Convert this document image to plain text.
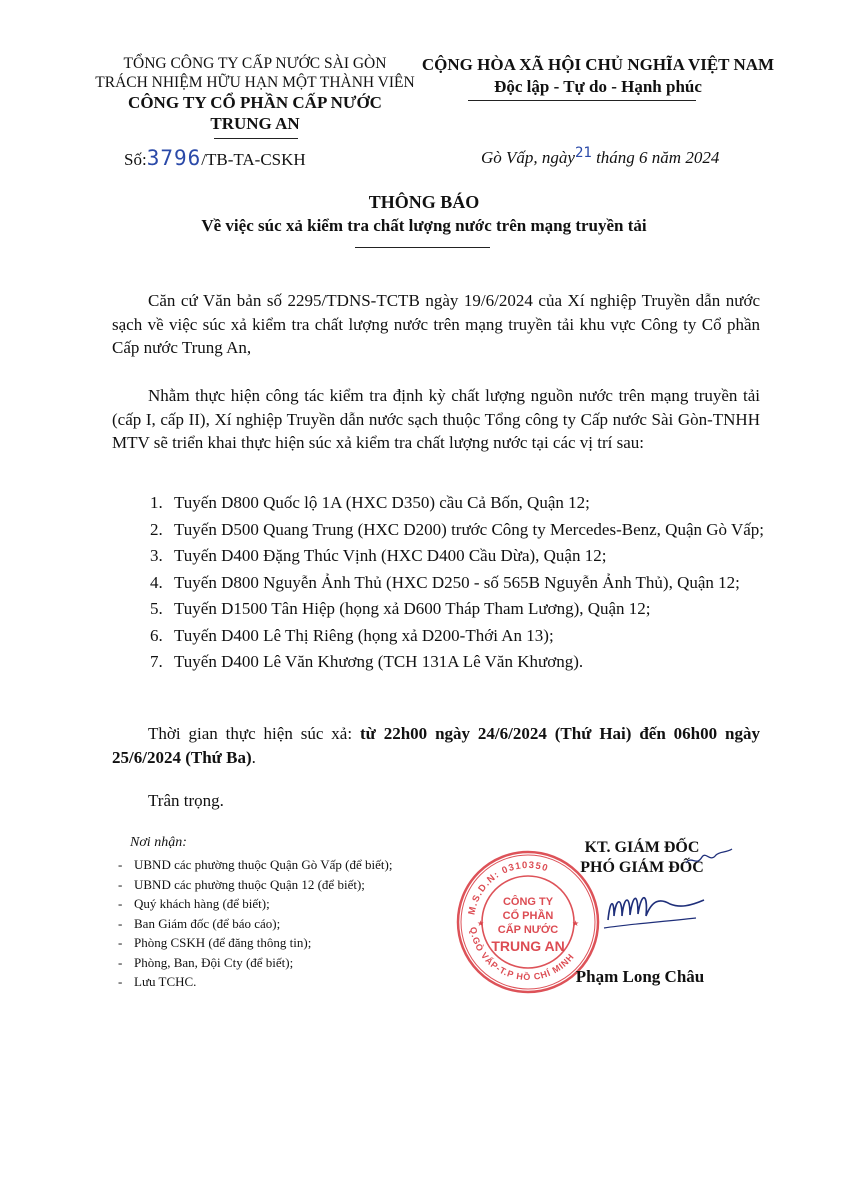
TỔNG CÔNG TY CẤP NƯỚC SÀI GÒN
TRÁCH NHIỆM HỮU HẠN MỘT THÀNH VIÊN
CÔNG TY CỔ PHẦN CẤP NƯỚC
TRUNG AN
CỘNG HÒA XÃ HỘI CHỦ NGHĨA VIỆT NAM
Độc lập - Tự do - Hạnh phúc
Số:3796/TB-TA-CSKH	Gò Vấp, ngày$^{21}$ tháng 6 năm 2024
THÔNG BÁO
Về việc súc xả kiểm tra chất lượng nước trên mạng truyền tải
Căn cứ Văn bản số 2295/TDNS-TCTB ngày 19/6/2024 của Xí nghiệp Truyền dẫn nước sạch về việc súc xả kiểm tra chất lượng nước trên mạng truyền tải khu vực Công ty Cổ phần Cấp nước Trung An,
Nhằm thực hiện công tác kiểm tra định kỳ chất lượng nguồn nước trên mạng truyền tải (cấp I, cấp II), Xí nghiệp Truyền dẫn nước sạch thuộc Tổng công ty Cấp nước Sài Gòn-TNHH MTV sẽ triển khai thực hiện súc xả kiểm tra chất lượng nước tại các vị trí sau:
1. Tuyến D800 Quốc lộ 1A (HXC D350) cầu Cả Bốn, Quận 12;
2. Tuyến D500 Quang Trung (HXC D200) trước Công ty Mercedes-Benz, Quận Gò Vấp;
3. Tuyến D400 Đặng Thúc Vịnh (HXC D400 Cầu Dừa), Quận 12;
4. Tuyến D800 Nguyễn Ảnh Thủ (HXC D250 - số 565B Nguyễn Ảnh Thủ), Quận 12;
5. Tuyến D1500 Tân Hiệp (họng xả D600 Tháp Tham Lương), Quận 12;
6. Tuyến D400 Lê Thị Riêng (họng xả D200-Thới An 13);
7. Tuyến D400 Lê Văn Khương (TCH 131A Lê Văn Khương).
Thời gian thực hiện súc xả: từ 22h00 ngày 24/6/2024 (Thứ Hai) đến 06h00 ngày 25/6/2024 (Thứ Ba).
Trân trọng.
Nơi nhận:
- UBND các phường thuộc Quận Gò Vấp (để biết);
- UBND các phường thuộc Quận 12 (để biết);
- Quý khách hàng (để biết);
- Ban Giám đốc (để báo cáo);
- Phòng CSKH (để đăng thông tin);
- Phòng, Ban, Đội Cty (để biết);
- Lưu TCHC.
KT. GIÁM ĐỐC
PHÓ GIÁM ĐỐC
M.S.D.N: 0310350
Q.GÒ VẤP-T.P HỒ CHÍ MINH
CÔNG TY
CỔ PHẦN
CẤP NƯỚC
TRUNG AN
★	★
Phạm Long Châu
